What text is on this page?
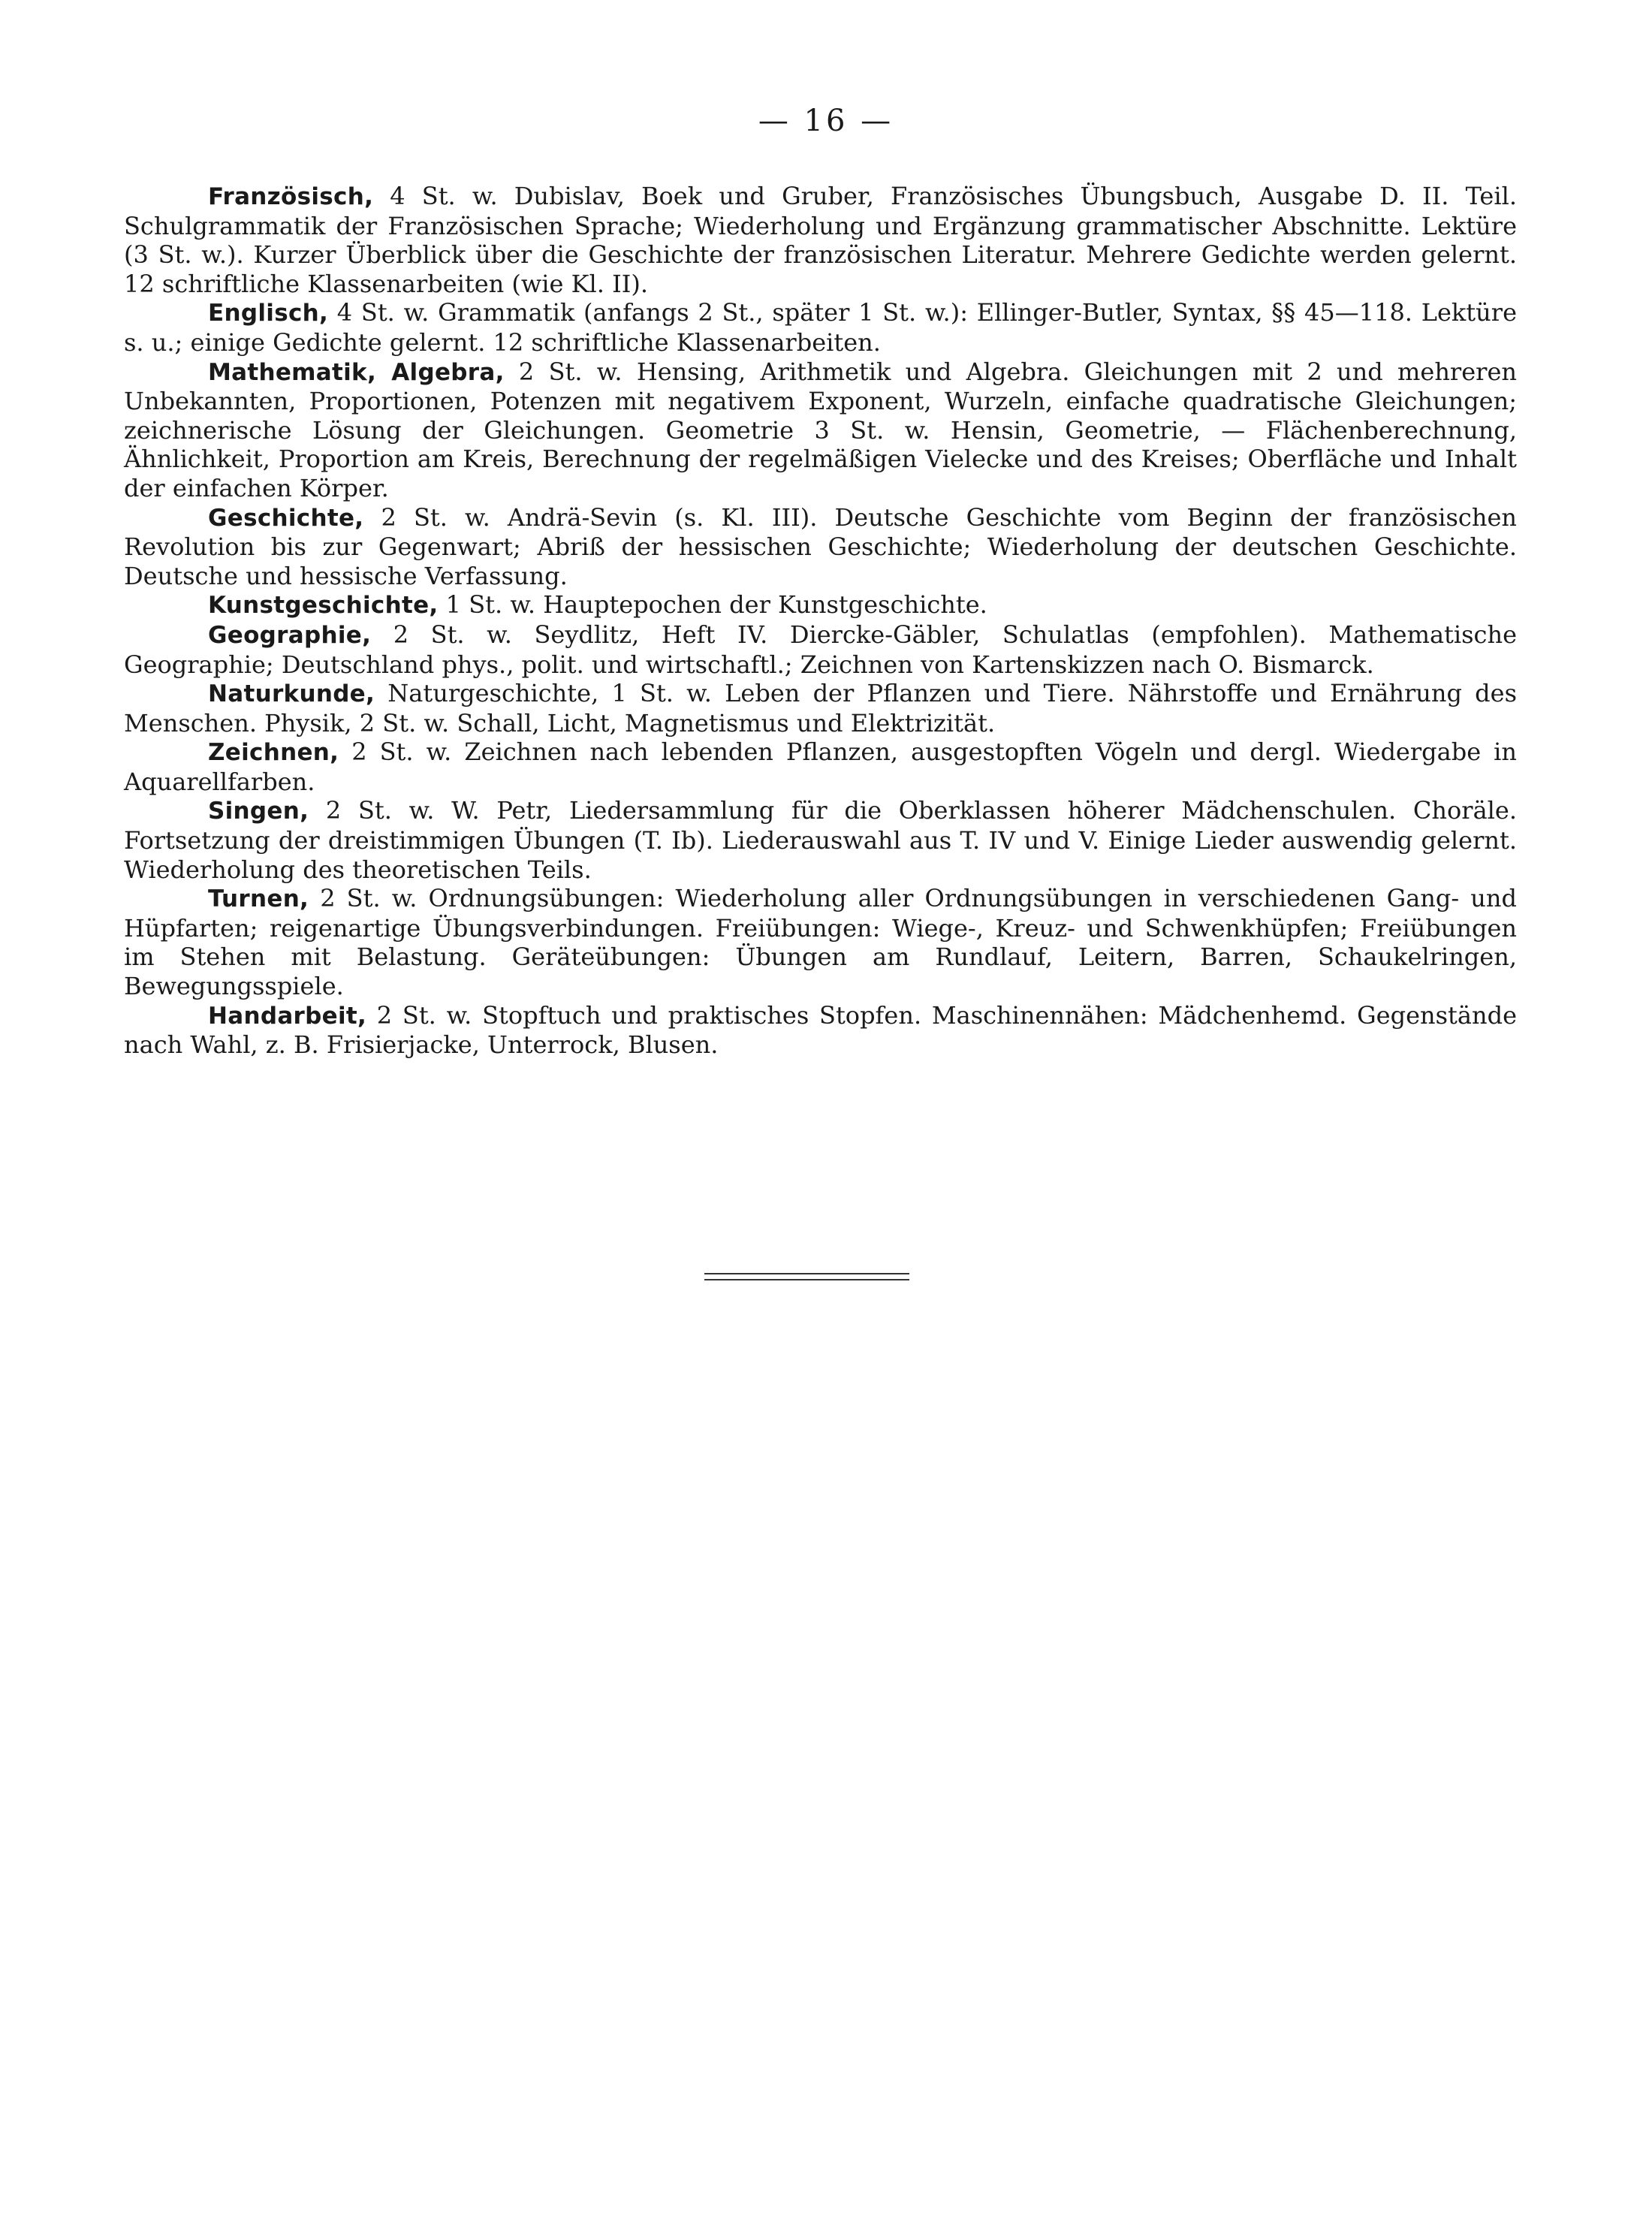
— 16 —

Französisch, 4 St. w. Dubislav, Boek und Gruber, Französisches Übungsbuch, Ausgabe D. II. Teil. Schulgrammatik der Französischen Sprache; Wiederholung und Ergänzung grammatischer Abschnitte. Lektüre (3 St. w.). Kurzer Überblick über die Geschichte der französischen Literatur. Mehrere Gedichte werden gelernt. 12 schriftliche Klassenarbeiten (wie Kl. II).

Englisch, 4 St. w. Grammatik (anfangs 2 St., später 1 St. w.): Ellinger-Butler, Syntax, §§ 45—118. Lektüre s. u.; einige Gedichte gelernt. 12 schriftliche Klassenarbeiten.

Mathematik, Algebra, 2 St. w. Hensing, Arithmetik und Algebra. Gleichungen mit 2 und mehreren Unbekannten, Proportionen, Potenzen mit negativem Exponent, Wurzeln, einfache quadratische Gleichungen; zeichnerische Lösung der Gleichungen. Geometrie 3 St. w. Hensin, Geometrie, — Flächenberechnung, Ähnlichkeit, Proportion am Kreis, Berechnung der regelmäßigen Vielecke und des Kreises; Oberfläche und Inhalt der einfachen Körper.

Geschichte, 2 St. w. Andrä-Sevin (s. Kl. III). Deutsche Geschichte vom Beginn der französischen Revolution bis zur Gegenwart; Abriß der hessischen Geschichte; Wiederholung der deutschen Geschichte. Deutsche und hessische Verfassung.

Kunstgeschichte, 1 St. w. Hauptepochen der Kunstgeschichte.

Geographie, 2 St. w. Seydlitz, Heft IV. Diercke-Gäbler, Schulatlas (empfohlen). Mathematische Geographie; Deutschland phys., polit. und wirtschaftl.; Zeichnen von Kartenskizzen nach O. Bismarck.

Naturkunde, Naturgeschichte, 1 St. w. Leben der Pflanzen und Tiere. Nährstoffe und Ernährung des Menschen. Physik, 2 St. w. Schall, Licht, Magnetismus und Elektrizität.

Zeichnen, 2 St. w. Zeichnen nach lebenden Pflanzen, ausgestopften Vögeln und dergl. Wiedergabe in Aquarellfarben.

Singen, 2 St. w. W. Petr, Liedersammlung für die Oberklassen höherer Mädchenschulen. Choräle. Fortsetzung der dreistimmigen Übungen (T. Ib). Liederauswahl aus T. IV und V. Einige Lieder auswendig gelernt. Wiederholung des theoretischen Teils.

Turnen, 2 St. w. Ordnungsübungen: Wiederholung aller Ordnungsübungen in verschiedenen Gang- und Hüpfarten; reigenartige Übungsverbindungen. Freiübungen: Wiege-, Kreuz- und Schwenkhüpfen; Freiübungen im Stehen mit Belastung. Geräteübungen: Übungen am Rundlauf, Leitern, Barren, Schaukelringen, Bewegungsspiele.

Handarbeit, 2 St. w. Stopftuch und praktisches Stopfen. Maschinennähen: Mädchenhemd. Gegenstände nach Wahl, z. B. Frisierjacke, Unterrock, Blusen.
